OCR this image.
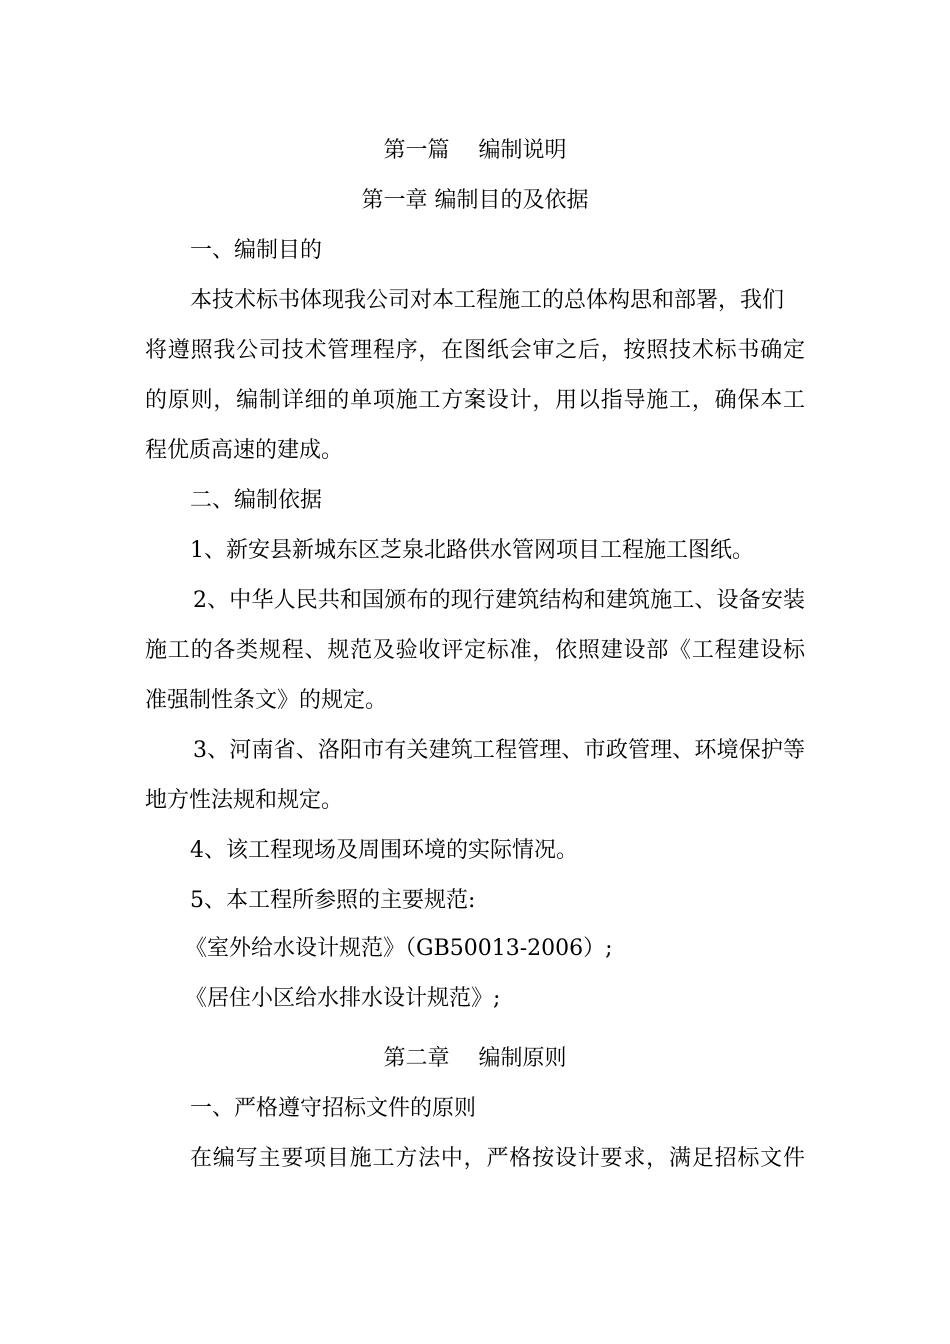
第一篇　 编制说明

第一章 编制目的及依据

一、编制目的

本技术标书体现我公司对本工程施工的总体构思和部署，我们

将遵照我公司技术管理程序，在图纸会审之后，按照技术标书确定

的原则，编制详细的单项施工方案设计，用以指导施工，确保本工

程优质高速的建成。

二、编制依据

1、新安县新城东区芝泉北路供水管网项目工程施工图纸。

2、中华人民共和国颁布的现行建筑结构和建筑施工、设备安装

施工的各类规程、规范及验收评定标准，依照建设部《工程建设标

准强制性条文》的规定。

3、河南省、洛阳市有关建筑工程管理、市政管理、环境保护等

地方性法规和规定。

4、该工程现场及周围环境的实际情况。

5、本工程所参照的主要规范:

《室外给水设计规范》（GB50013-2006）;

《居住小区给水排水设计规范》;

第二章　 编制原则

一、严格遵守招标文件的原则

在编写主要项目施工方法中，严格按设计要求，满足招标文件
